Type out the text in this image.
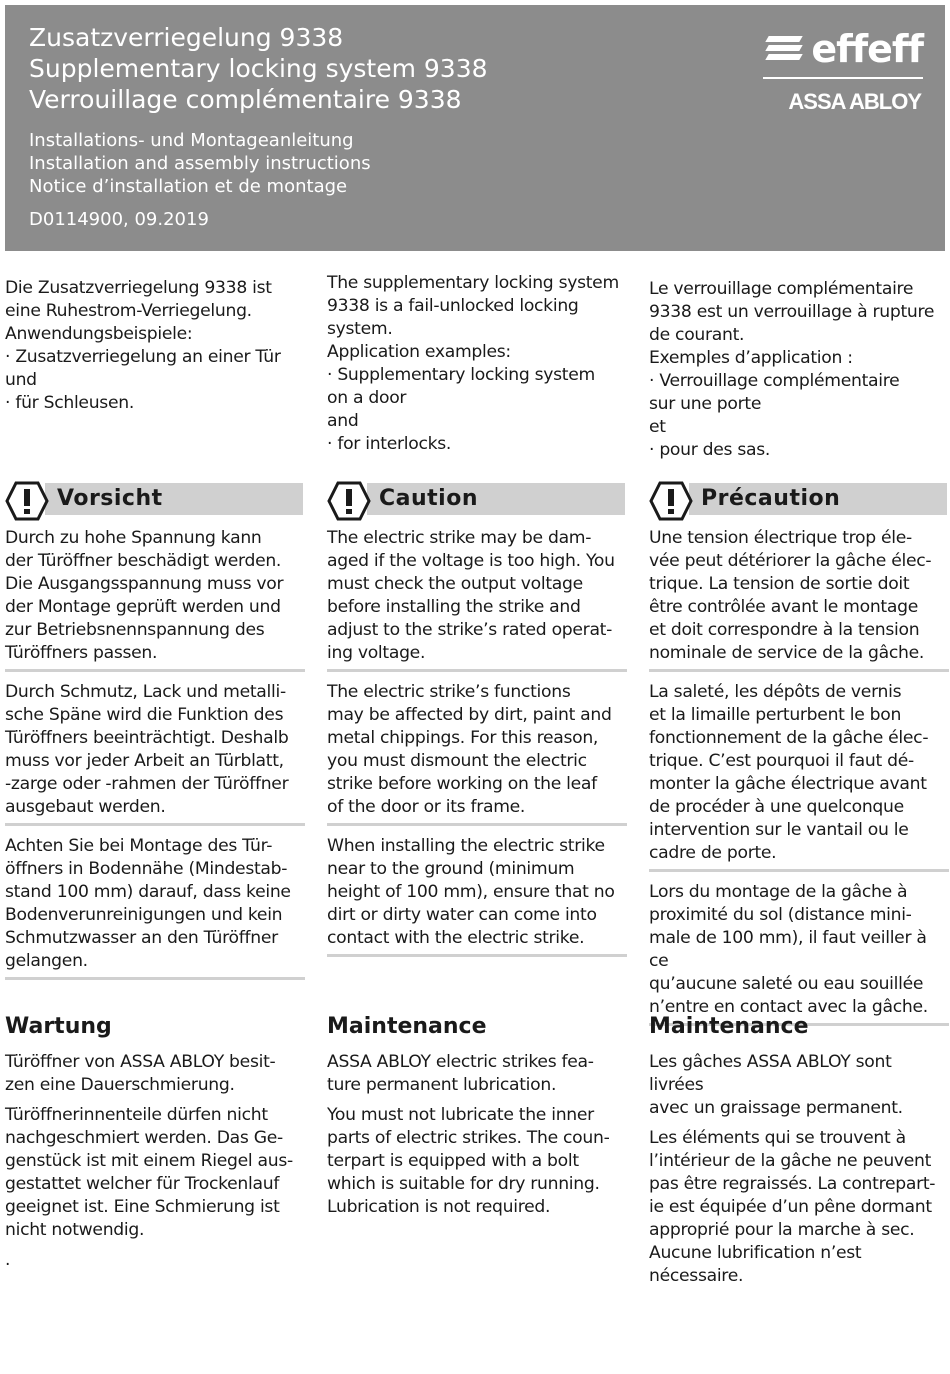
Zusatzverriegelung 9338
Supplementary locking system 9338
Verrouillage complémentaire 9338
Installations- und Montageanleitung
Installation and assembly instructions
Notice d’installation et de montage
D0114900, 09.2019
effeff
ASSA ABLOY

Die Zusatzverriegelung 9338 ist
eine Ruhestrom-Verriegelung.
Anwendungsbeispiele:
· Zusatzverriegelung an einer Tür
und
· für Schleusen.

The supplementary locking system
9338 is a fail-unlocked locking
system.
Application examples:
· Supplementary locking system
on a door
and
· for interlocks.

Le verrouillage complémentaire
9338 est un verrouillage à rupture
de courant.
Exemples d’application :
· Verrouillage complémentaire
sur une porte
et
· pour des sas.

Vorsicht	Caution	Précaution

Durch zu hohe Spannung kann
der Türöffner beschädigt werden.
Die Ausgangsspannung muss vor
der Montage geprüft werden und
zur Betriebsnennspannung des
Türöffners passen.

Durch Schmutz, Lack und metalli-
sche Späne wird die Funktion des
Türöffners beeinträchtigt. Deshalb
muss vor jeder Arbeit an Türblatt,
-zarge oder -rahmen der Türöffner
ausgebaut werden.

Achten Sie bei Montage des Tür-
öffners in Bodennähe (Mindestab-
stand 100 mm) darauf, dass keine
Bodenverunreinigungen und kein
Schmutzwasser an den Türöffner
gelangen.

The electric strike may be dam-
aged if the voltage is too high. You
must check the output voltage
before installing the strike and
adjust to the strike’s rated operat-
ing voltage.

The electric strike’s functions
may be affected by dirt, paint and
metal chippings. For this reason,
you must dismount the electric
strike before working on the leaf
of the door or its frame.

When installing the electric strike
near to the ground (minimum
height of 100 mm), ensure that no
dirt or dirty water can come into
contact with the electric strike.

Une tension électrique trop éle-
vée peut détériorer la gâche élec-
trique. La tension de sortie doit
être contrôlée avant le montage
et doit correspondre à la tension
nominale de service de la gâche.

La saleté, les dépôts de vernis
et la limaille perturbent le bon
fonctionnement de la gâche élec-
trique. C’est pourquoi il faut dé-
monter la gâche électrique avant
de procéder à une quelconque
intervention sur le vantail ou le
cadre de porte.

Lors du montage de la gâche à
proximité du sol (distance mini-
male de 100 mm), il faut veiller à ce
qu’aucune saleté ou eau souillée
n’entre en contact avec la gâche.

Wartung	Maintenance	Maintenance

Türöffner von ASSA ABLOY besit-
zen eine Dauerschmierung.

Türöffnerinnenteile dürfen nicht
nachgeschmiert werden. Das Ge-
genstück ist mit einem Riegel aus-
gestattet welcher für Trockenlauf
geeignet ist. Eine Schmierung ist
nicht notwendig.

ASSA ABLOY electric strikes fea-
ture permanent lubrication.

You must not lubricate the inner
parts of electric strikes. The coun-
terpart is equipped with a bolt
which is suitable for dry running.
Lubrication is not required.

Les gâches ASSA ABLOY sont livrées
avec un graissage permanent.

Les éléments qui se trouvent à
l’intérieur de la gâche ne peuvent
pas être regraissés. La contrepart-
ie est équipée d’un pêne dormant
approprié pour la marche à sec.
Aucune lubrification n’est
nécessaire.

.
